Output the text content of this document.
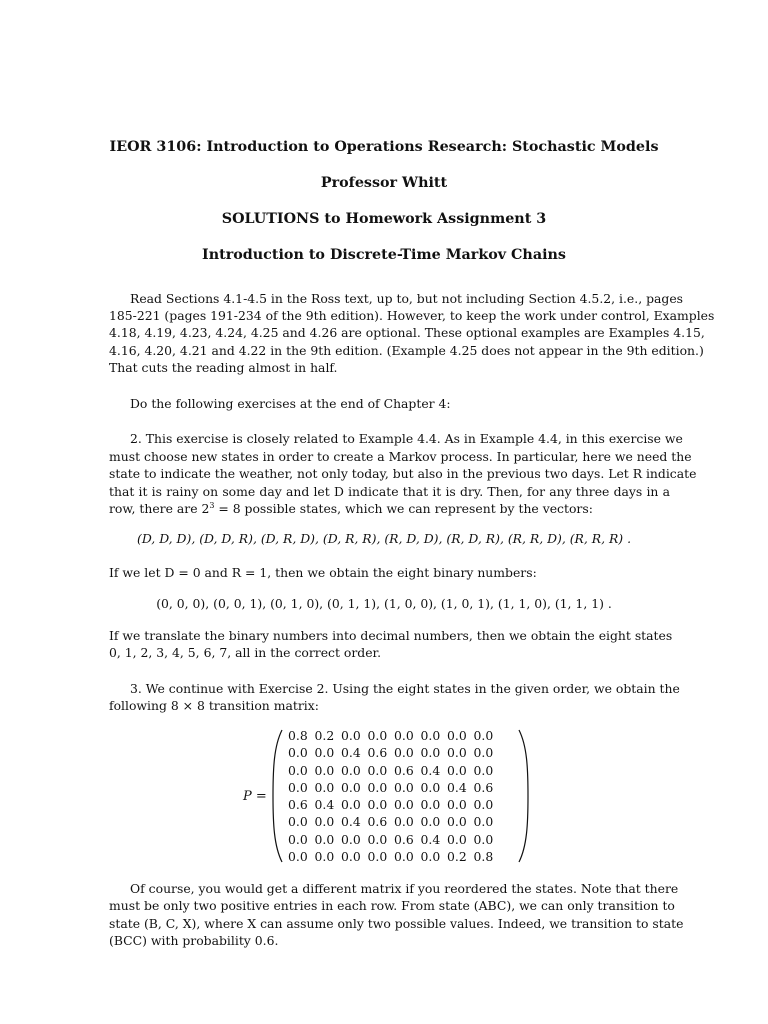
IEOR 3106: Introduction to Operations Research: Stochastic Models
Professor Whitt
SOLUTIONS to Homework Assignment 3
Introduction to Discrete-Time Markov Chains
Read Sections 4.1-4.5 in the Ross text, up to, but not including Section 4.5.2, i.e., pages
185-221 (pages 191-234 of the 9th edition). However, to keep the work under control, Examples
4.18, 4.19, 4.23, 4.24, 4.25 and 4.26 are optional. These optional examples are Examples 4.15,
4.16, 4.20, 4.21 and 4.22 in the 9th edition. (Example 4.25 does not appear in the 9th edition.)
That cuts the reading almost in half.
Do the following exercises at the end of Chapter 4:
2. This exercise is closely related to Example 4.4. As in Example 4.4, in this exercise we
must choose new states in order to create a Markov process. In particular, here we need the
state to indicate the weather, not only today, but also in the previous two days. Let R indicate
that it is rainy on some day and let D indicate that it is dry. Then, for any three days in a
row, there are $2^3 = 8$ possible states, which we can represent by the vectors:
(D, D, D), (D, D, R), (D, R, D), (D, R, R), (R, D, D), (R, D, R), (R, R, D), (R, R, R) .
If we let D = 0 and R = 1, then we obtain the eight binary numbers:
(0, 0, 0), (0, 0, 1), (0, 1, 0), (0, 1, 1), (1, 0, 0), (1, 0, 1), (1, 1, 0), (1, 1, 1) .
If we translate the binary numbers into decimal numbers, then we obtain the eight states
0, 1, 2, 3, 4, 5, 6, 7, all in the correct order.
3. We continue with Exercise 2. Using the eight states in the given order, we obtain the
following 8 × 8 transition matrix:
P =
0.8	0.2	0.0	0.0	0.0	0.0	0.0	0.0
0.0	0.0	0.4	0.6	0.0	0.0	0.0	0.0
0.0	0.0	0.0	0.0	0.6	0.4	0.0	0.0
0.0	0.0	0.0	0.0	0.0	0.0	0.4	0.6
0.6	0.4	0.0	0.0	0.0	0.0	0.0	0.0
0.0	0.0	0.4	0.6	0.0	0.0	0.0	0.0
0.0	0.0	0.0	0.0	0.6	0.4	0.0	0.0
0.0	0.0	0.0	0.0	0.0	0.0	0.2	0.8
Of course, you would get a different matrix if you reordered the states. Note that there
must be only two positive entries in each row. From state (ABC), we can only transition to
state (B, C, X), where X can assume only two possible values. Indeed, we transition to state
(BCC) with probability 0.6.
